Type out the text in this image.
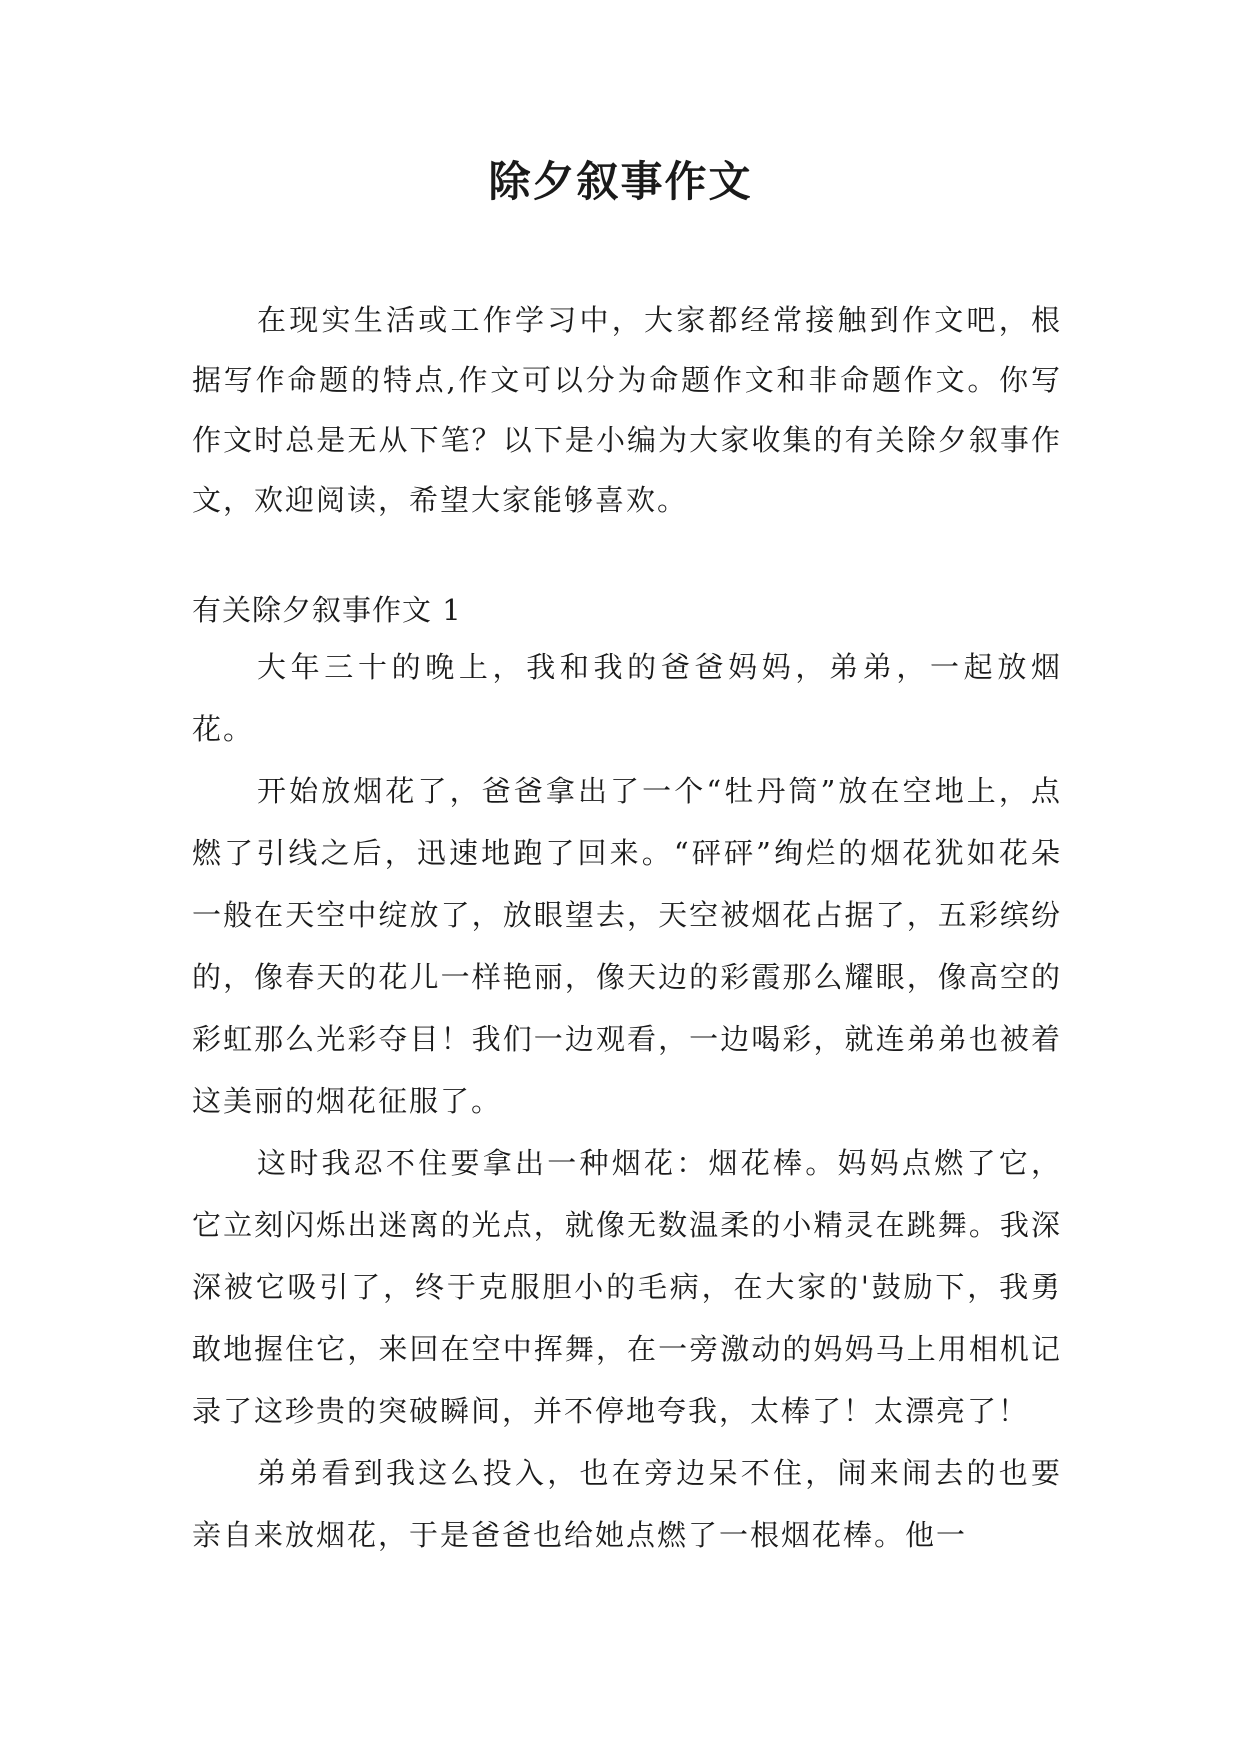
除夕叙事作文

在现实生活或工作学习中，大家都经常接触到作文吧，根据写作命题的特点,作文可以分为命题作文和非命题作文。你写作文时总是无从下笔？以下是小编为大家收集的有关除夕叙事作文，欢迎阅读，希望大家能够喜欢。

有关除夕叙事作文 1

大年三十的晚上，我和我的爸爸妈妈，弟弟，一起放烟花。

开始放烟花了，爸爸拿出了一个“牡丹筒”放在空地上，点燃了引线之后，迅速地跑了回来。“砰砰”绚烂的烟花犹如花朵一般在天空中绽放了，放眼望去，天空被烟花占据了，五彩缤纷的，像春天的花儿一样艳丽，像天边的彩霞那么耀眼，像高空的彩虹那么光彩夺目！我们一边观看，一边喝彩，就连弟弟也被着这美丽的烟花征服了。

这时我忍不住要拿出一种烟花：烟花棒。妈妈点燃了它，它立刻闪烁出迷离的光点，就像无数温柔的小精灵在跳舞。我深深被它吸引了，终于克服胆小的毛病，在大家的'鼓励下，我勇敢地握住它，来回在空中挥舞，在一旁激动的妈妈马上用相机记录了这珍贵的突破瞬间，并不停地夸我，太棒了！太漂亮了！

弟弟看到我这么投入，也在旁边呆不住，闹来闹去的也要亲自来放烟花，于是爸爸也给她点燃了一根烟花棒。他一
